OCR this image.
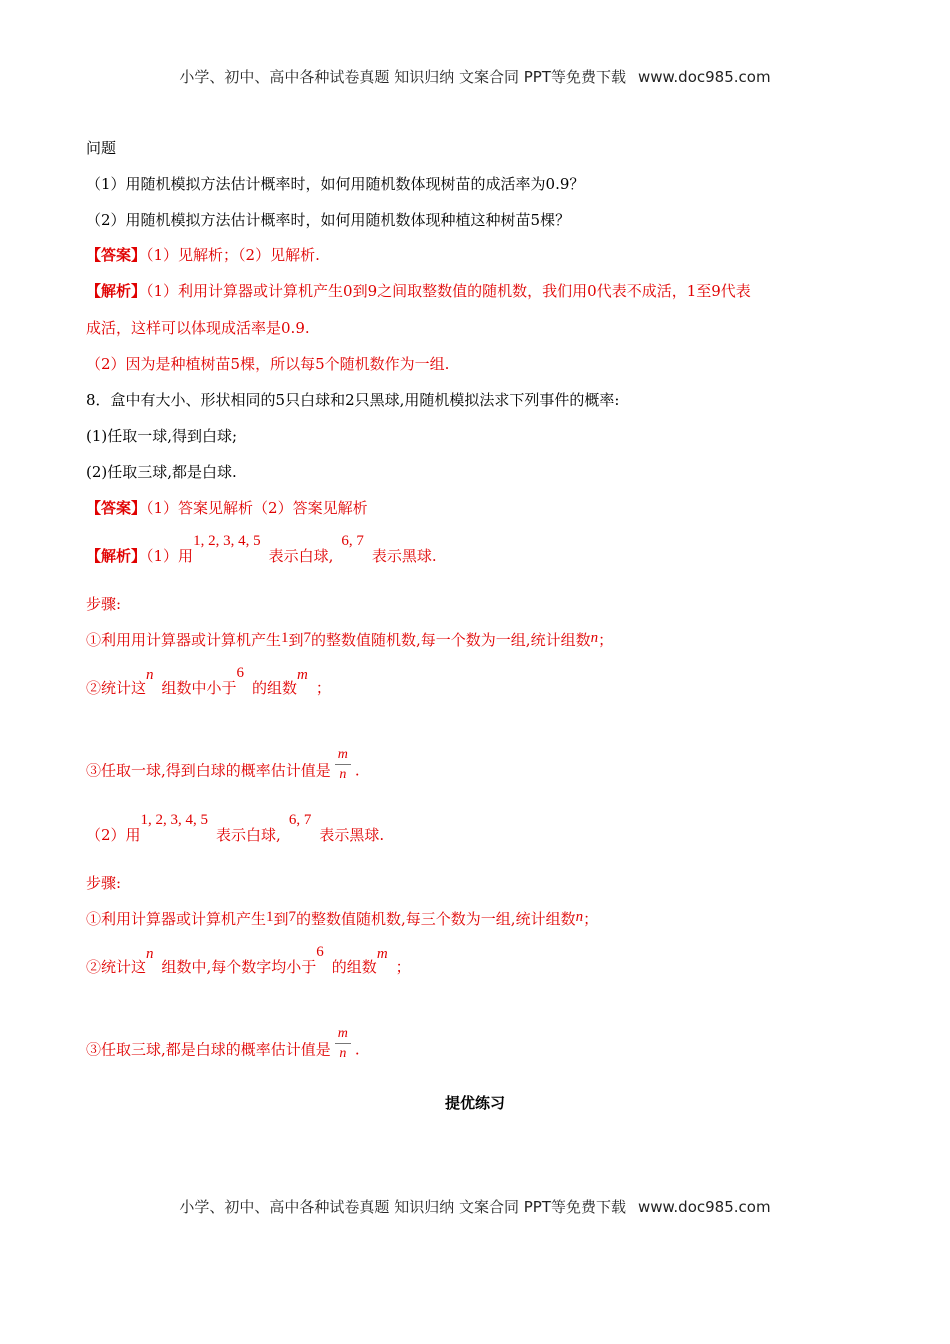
小学、初中、高中各种试卷真题 知识归纳 文案合同 PPT等免费下载 www.doc985.com
问题
（1）用随机模拟方法估计概率时，如何用随机数体现树苗的成活率为0.9？
（2）用随机模拟方法估计概率时，如何用随机数体现种植这种树苗5棵？
【答案】（1）见解析；（2）见解析.
【解析】（1）利用计算器或计算机产生0到9之间取整数值的随机数，我们用0代表不成活，1至9代表
成活，这样可以体现成活率是0.9.
（2）因为是种植树苗5棵，所以每5个随机数作为一组.
8．盒中有大小、形状相同的5只白球和2只黑球,用随机模拟法求下列事件的概率:
(1)任取一球,得到白球;
(2)任取三球,都是白球.
【答案】（1）答案见解析（2）答案见解析
【解析】（1）用1, 2, 3, 4, 5表示白球,6, 7表示黑球.
步骤:
①利用用计算器或计算机产生1到7的整数值随机数,每一个数为一组,统计组数n；
②统计这n组数中小于6的组数m；
③任取一球,得到白球的概率估计值是 $\frac{m}{n}$ .
（2）用1, 2, 3, 4, 5表示白球,6, 7表示黑球.
步骤:
①利用计算器或计算机产生1到7的整数值随机数,每三个数为一组,统计组数n；
②统计这n组数中,每个数字均小于6的组数m；
③任取三球,都是白球的概率估计值是 $\frac{m}{n}$ .
提优练习
小学、初中、高中各种试卷真题 知识归纳 文案合同 PPT等免费下载 www.doc985.com
